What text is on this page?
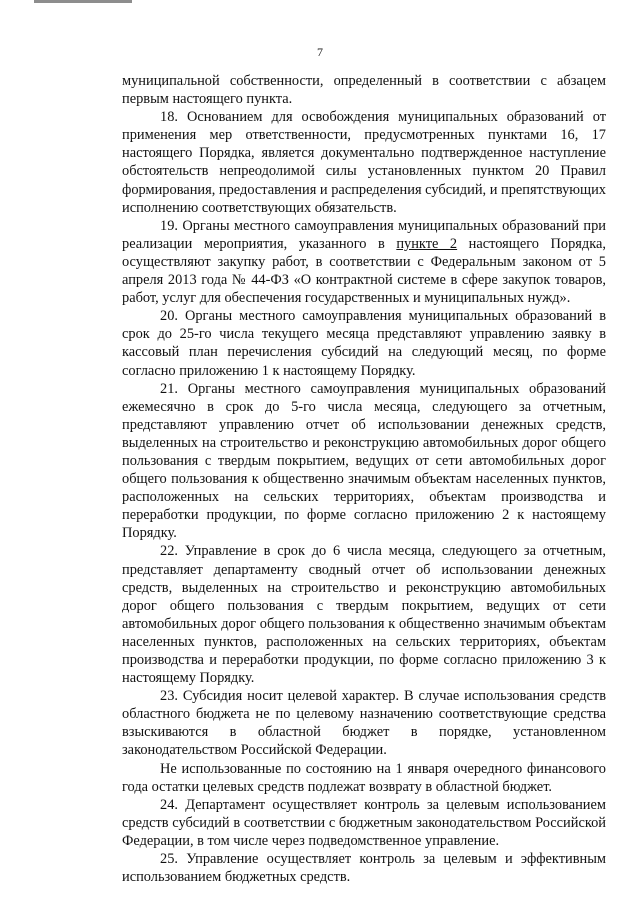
7

муниципальной собственности, определенный в соответствии с абзацем первым настоящего пункта.

18. Основанием для освобождения муниципальных образований от применения мер ответственности, предусмотренных пунктами 16, 17 настоящего Порядка, является документально подтвержденное наступление обстоятельств непреодолимой силы установленных пунктом 20 Правил формирования, предоставления и распределения субсидий, и препятствующих исполнению соответствующих обязательств.

19. Органы местного самоуправления муниципальных образований при реализации мероприятия, указанного в пункте 2 настоящего Порядка, осуществляют закупку работ, в соответствии с Федеральным законом от 5 апреля 2013 года № 44-ФЗ «О контрактной системе в сфере закупок товаров, работ, услуг для обеспечения государственных и муниципальных нужд».

20. Органы местного самоуправления муниципальных образований в срок до 25-го числа текущего месяца представляют управлению заявку в кассовый план перечисления субсидий на следующий месяц, по форме согласно приложению 1 к настоящему Порядку.

21. Органы местного самоуправления муниципальных образований ежемесячно в срок до 5-го числа месяца, следующего за отчетным, представляют управлению отчет об использовании денежных средств, выделенных на строительство и реконструкцию автомобильных дорог общего пользования с твердым покрытием, ведущих от сети автомобильных дорог общего пользования к общественно значимым объектам населенных пунктов, расположенных на сельских территориях, объектам производства и переработки продукции, по форме согласно приложению 2 к настоящему Порядку.

22. Управление в срок до 6 числа месяца, следующего за отчетным, представляет департаменту сводный отчет об использовании денежных средств, выделенных на строительство и реконструкцию автомобильных дорог общего пользования с твердым покрытием, ведущих от сети автомобильных дорог общего пользования к общественно значимым объектам населенных пунктов, расположенных на сельских территориях, объектам производства и переработки продукции, по форме согласно приложению 3 к настоящему Порядку.

23. Субсидия носит целевой характер. В случае использования средств областного бюджета не по целевому назначению соответствующие средства взыскиваются в областной бюджет в порядке, установленном законодательством Российской Федерации.

Не использованные по состоянию на 1 января очередного финансового года остатки целевых средств подлежат возврату в областной бюджет.

24. Департамент осуществляет контроль за целевым использованием средств субсидий в соответствии с бюджетным законодательством Российской Федерации, в том числе через подведомственное управление.

25. Управление осуществляет контроль за целевым и эффективным использованием бюджетных средств.
